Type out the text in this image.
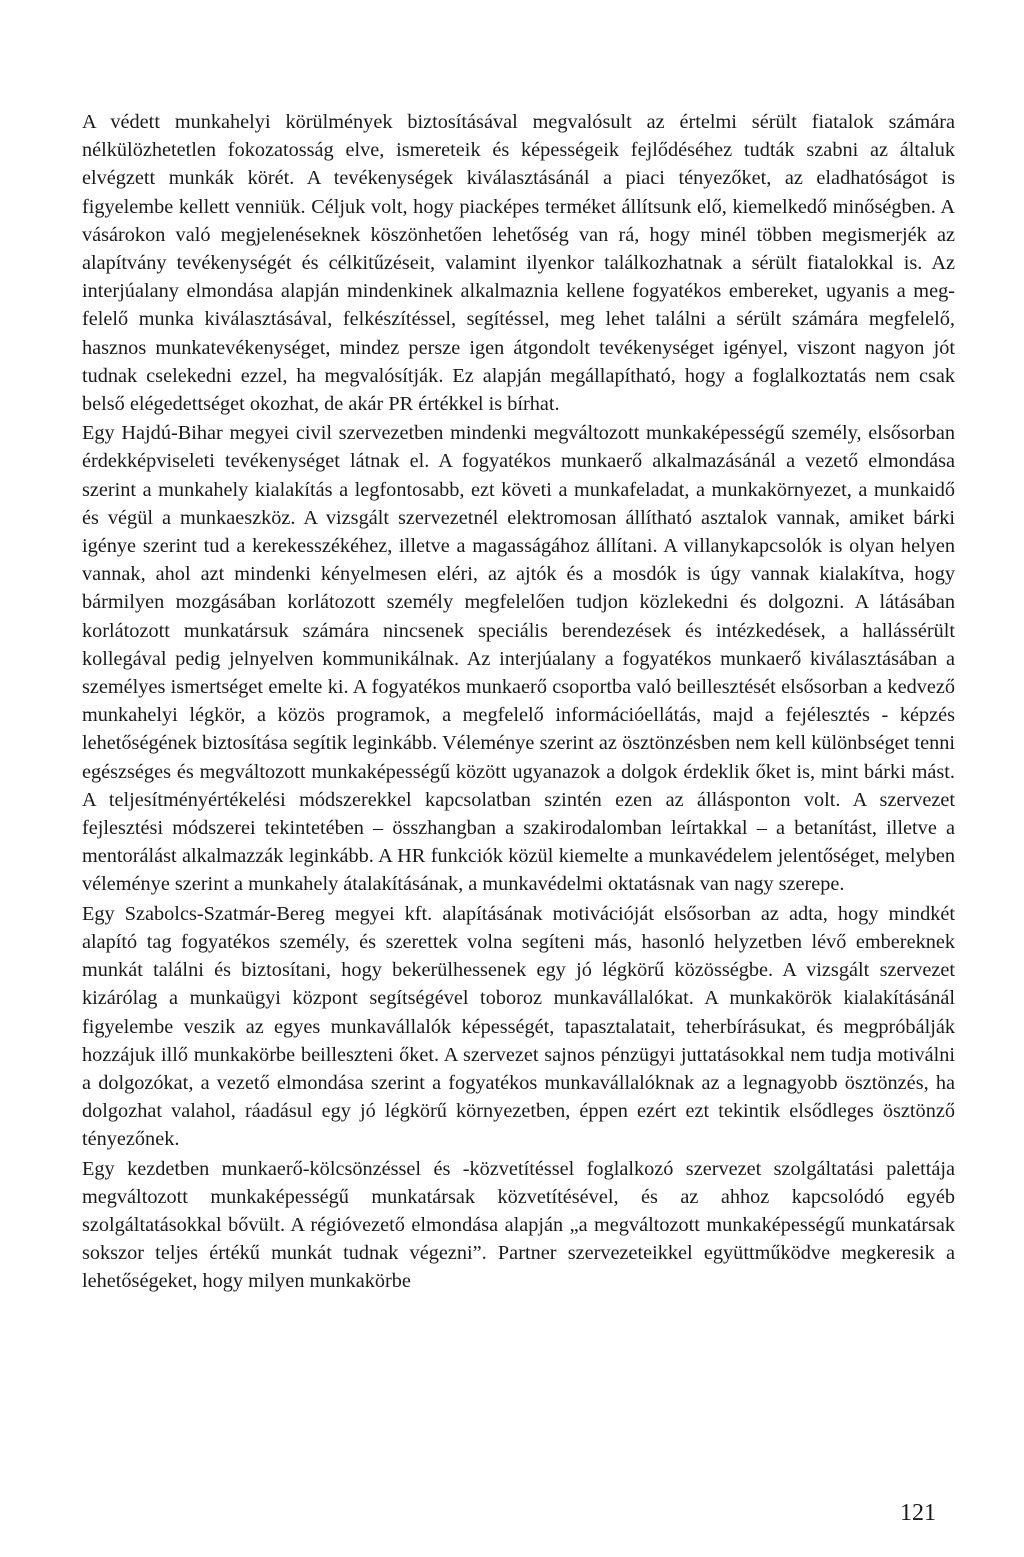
A védett munkahelyi körülmények biztosításával megvalósult az értelmi sérült fiatalok számára nélkülözhetetlen fokozatosság elve, ismereteik és képességeik fejlődéséhez tudták szabni az általuk elvégzett munkák körét. A tevékenységek kiválasztásánál a piaci tényezőket, az eladhatóságot is figyelembe kellett venniük. Céljuk volt, hogy piacképes terméket állítsunk elő, kiemelkedő minőségben. A vásárokon való megjelenéseknek köszönhetően lehetőség van rá, hogy minél többen megismerjék az alapítvány tevékenységét és célkitűzéseit, valamint ilyenkor találkozhatnak a sérült fiatalokkal is. Az interjúalany elmondása alapján mindenkinek alkalmaznia kellene fogyatékos embereket, ugyanis a megfelelő munka kiválasztásával, felkészítéssel, segítéssel, meg lehet találni a sérült számára megfelelő, hasznos munkatevékenységet, mindez persze igen átgondolt tevékenységet igényel, viszont nagyon jót tudnak cselekedni ezzel, ha megvalósítják. Ez alapján megállapítható, hogy a foglalkoztatás nem csak belső elégedettséget okozhat, de akár PR értékkel is bírhat.

Egy Hajdú-Bihar megyei civil szervezetben mindenki megváltozott munkaképességű személy, elsősorban érdekképviseleti tevékenységet látnak el. A fogyatékos munkaerő alkalmazásánál a vezető elmondása szerint a munkahely kialakítás a legfontosabb, ezt követi a munkafeladat, a munkakörnyezet, a munkaidő és végül a munkaeszköz. A vizsgált szervezetnél elektromosan állítható asztalok vannak, amiket bárki igénye szerint tud a kerekesszékéhez, illetve a magasságához állítani. A villanykapcsolók is olyan helyen vannak, ahol azt mindenki kényelmesen eléri, az ajtók és a mosdók is úgy vannak kialakítva, hogy bármilyen mozgásában korlátozott személy megfelelően tudjon közlekedni és dolgozni. A látásában korlátozott munkatársuk számára nincsenek speciális berendezések és intézkedések, a hallássérült kollegával pedig jelnyelven kommunikálnak. Az interjúalany a fogyatékos munkaerő kiválasztásában a személyes ismertséget emelte ki. A fogyatékos munkaerő csoportba való beillesztését elsősorban a kedvező munkahelyi légkör, a közös programok, a megfelelő információellátás, majd a fejélesztés - képzés lehetőségének biztosítása segítik leginkább. Véleménye szerint az ösztönzésben nem kell különbséget tenni egészséges és megváltozott munkaképességű között ugyanazok a dolgok érdeklik őket is, mint bárki mást. A teljesítményértékelési módszerekkel kapcsolatban szintén ezen az állásponton volt. A szervezet fejlesztési módszerei tekintetében – összhangban a szakirodalomban leírtakkal – a betanítást, illetve a mentorálást alkalmazzák leginkább. A HR funkciók közül kiemelte a munkavédelem jelentőséget, melyben véleménye szerint a munkahely átalakításának, a munkavédelmi oktatásnak van nagy szerepe.

Egy Szabolcs-Szatmár-Bereg megyei kft. alapításának motivációját elsősorban az adta, hogy mindkét alapító tag fogyatékos személy, és szerettek volna segíteni más, hasonló helyzetben lévő embereknek munkát találni és biztosítani, hogy bekerülhessenek egy jó légkörű közösségbe. A vizsgált szervezet kizárólag a munkaügyi központ segítségével toboroz munkavállalókat. A munkakörök kialakításánál figyelembe veszik az egyes munkavállalók képességét, tapasztalatait, teherbírásukat, és megpróbálják hozzájuk illő munkakörbe beilleszteni őket. A szervezet sajnos pénzügyi juttatásokkal nem tudja motiválni a dolgozókat, a vezető elmondása szerint a fogyatékos munkavállalóknak az a legnagyobb ösztönzés, ha dolgozhat valahol, ráadásul egy jó légkörű környezetben, éppen ezért ezt tekintik elsődleges ösztönző tényezőnek.

Egy kezdetben munkaerő-kölcsönzéssel és -közvetítéssel foglalkozó szervezet szolgáltatási palettája megváltozott munkaképességű munkatársak közvetítésével, és az ahhoz kapcsolódó egyéb szolgáltatásokkal bővült. A régióvezető elmondása alapján „a megváltozott munkaképességű munkatársak sokszor teljes értékű munkát tudnak végezni”. Partner szervezeteikkel együttműködve megkeresik a lehetőségeket, hogy milyen munkakörbe

121
